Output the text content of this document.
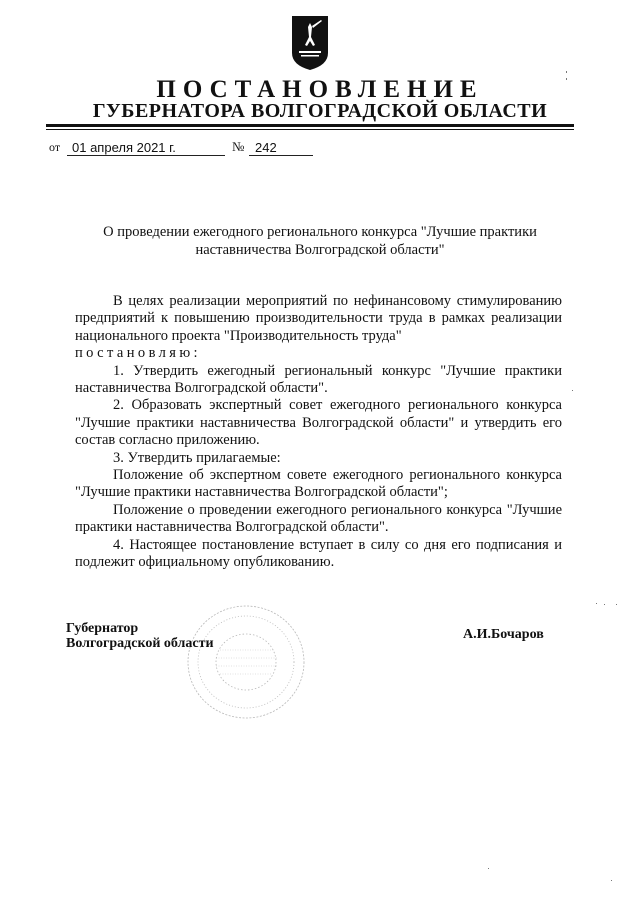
ПОСТАНОВЛЕНИЕ
ГУБЕРНАТОРА ВОЛГОГРАДСКОЙ ОБЛАСТИ
от 01 апреля 2021 г.	№ 242
О проведении ежегодного регионального конкурса "Лучшие практики
наставничества Волгоградской области"

В целях реализации мероприятий по нефинансовому стимулированию предприятий к повышению производительности труда в рамках реализации национального проекта "Производительность труда"

постановляю:

1. Утвердить ежегодный региональный конкурс "Лучшие практики наставничества Волгоградской области".

2. Образовать экспертный совет ежегодного регионального конкурса "Лучшие практики наставничества Волгоградской области" и утвердить его состав согласно приложению.

3. Утвердить прилагаемые:

Положение об экспертном совете ежегодного регионального конкурса "Лучшие практики наставничества Волгоградской области";

Положение о проведении ежегодного регионального конкурса "Лучшие практики наставничества Волгоградской области".

4. Настоящее постановление вступает в силу со дня его подписания и подлежит официальному опубликованию.

Губернатор
Волгоградской области
А.И.Бочаров
